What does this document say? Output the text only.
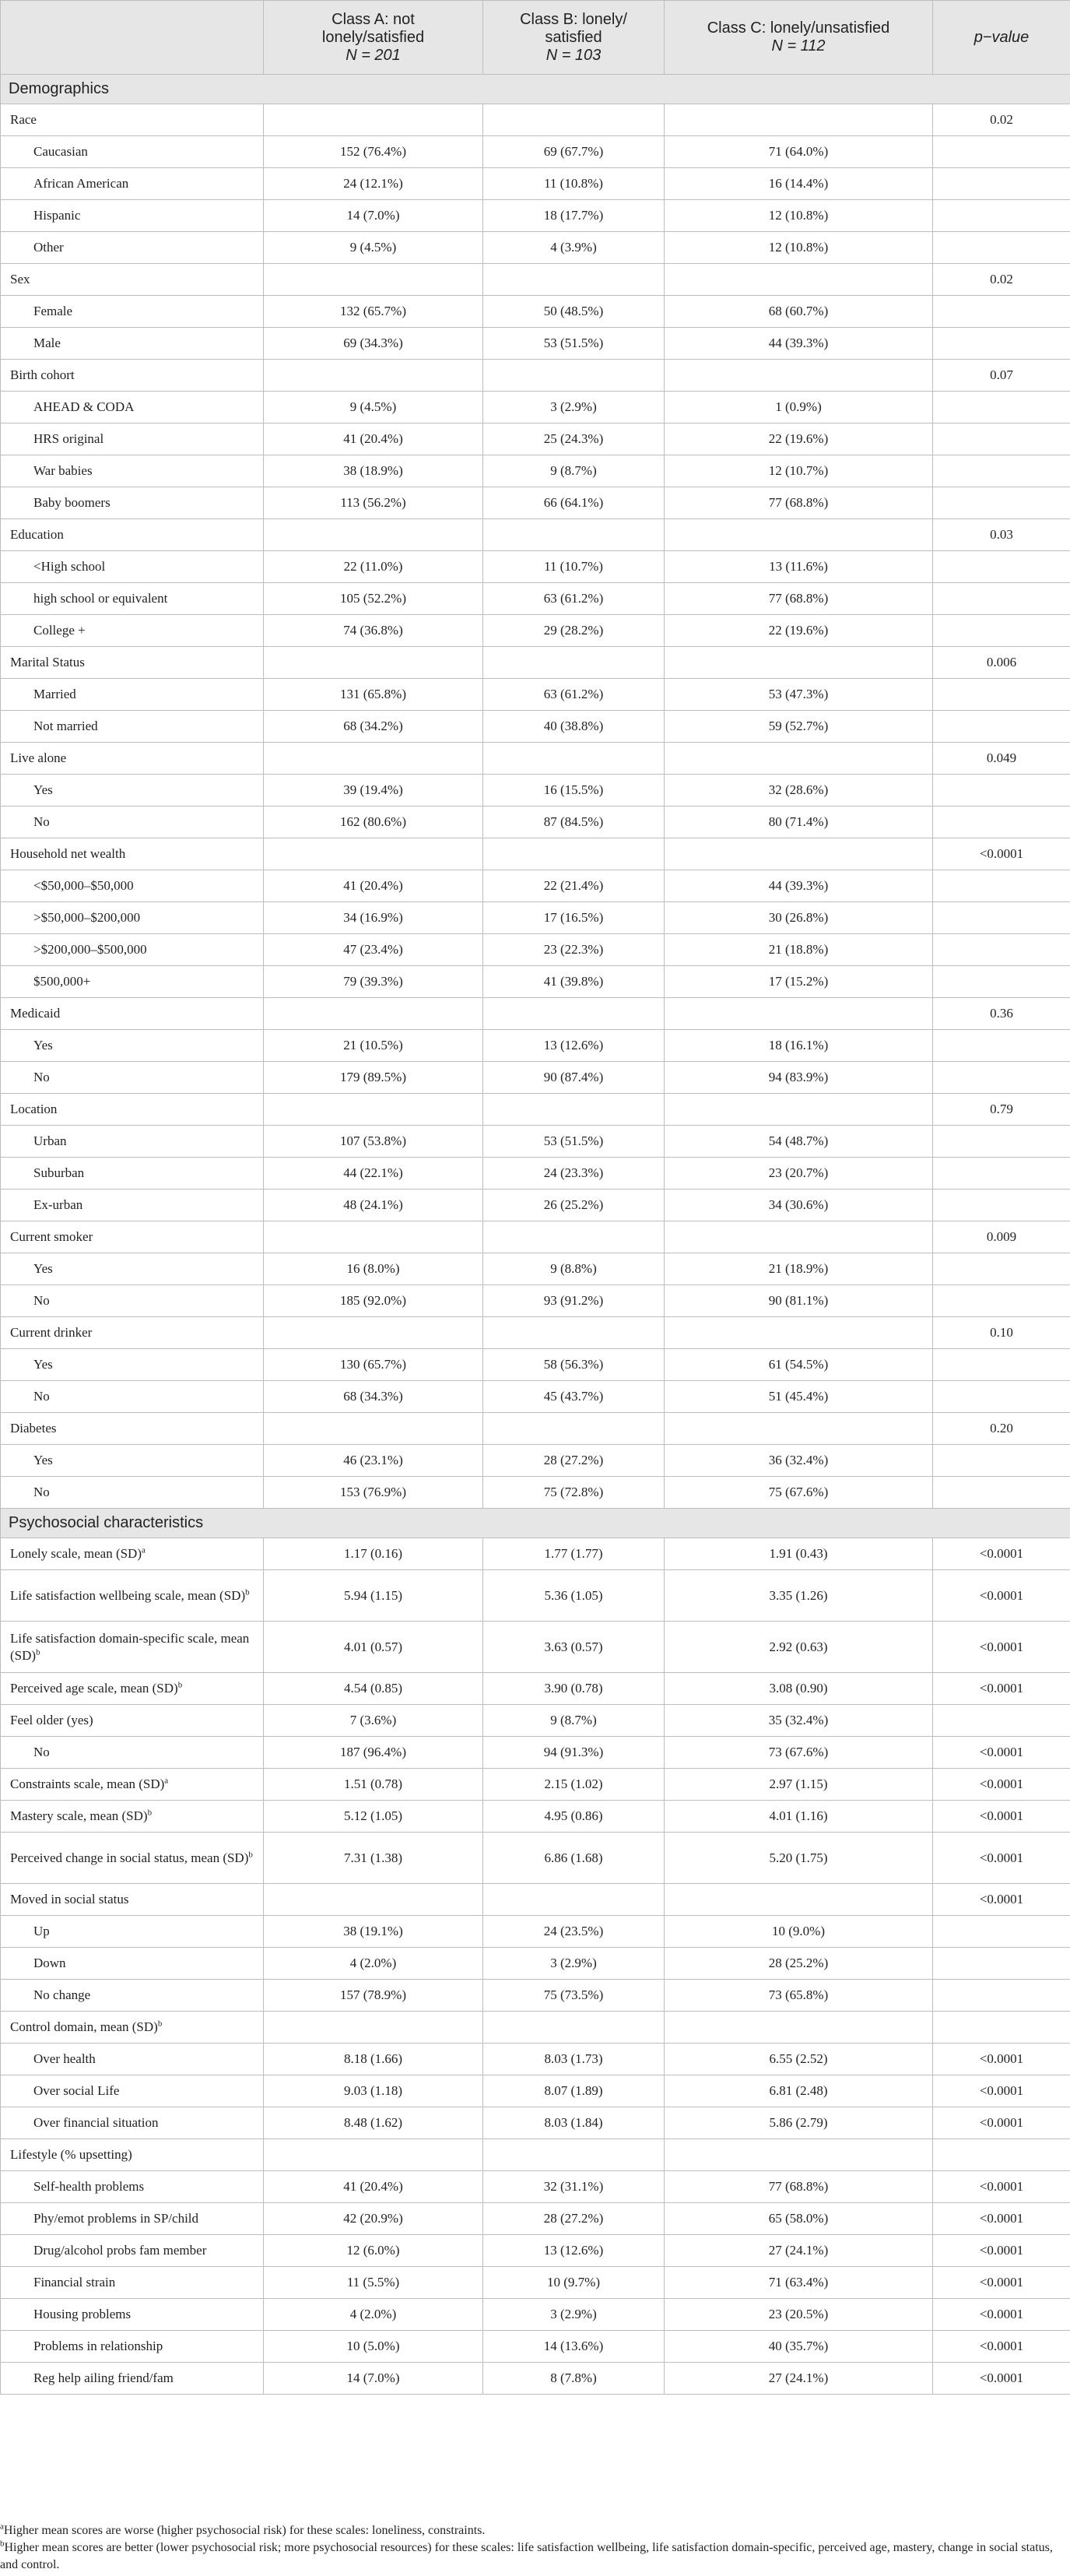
	Class A: not
lonely/satisfied
N = 201	Class B: lonely/
satisfied
N = 103	Class C: lonely/unsatisfied
N = 112	p−value
Demographics				
Race				0.02
Caucasian	152 (76.4%)	69 (67.7%)	71 (64.0%)	
African American	24 (12.1%)	11 (10.8%)	16 (14.4%)	
Hispanic	14 (7.0%)	18 (17.7%)	12 (10.8%)	
Other	9 (4.5%)	4 (3.9%)	12 (10.8%)	
Sex				0.02
Female	132 (65.7%)	50 (48.5%)	68 (60.7%)	
Male	69 (34.3%)	53 (51.5%)	44 (39.3%)	
Birth cohort				0.07
AHEAD & CODA	9 (4.5%)	3 (2.9%)	1 (0.9%)	
HRS original	41 (20.4%)	25 (24.3%)	22 (19.6%)	
War babies	38 (18.9%)	9 (8.7%)	12 (10.7%)	
Baby boomers	113 (56.2%)	66 (64.1%)	77 (68.8%)	
Education				0.03
<High school	22 (11.0%)	11 (10.7%)	13 (11.6%)	
high school or equivalent	105 (52.2%)	63 (61.2%)	77 (68.8%)	
College +	74 (36.8%)	29 (28.2%)	22 (19.6%)	
Marital Status				0.006
Married	131 (65.8%)	63 (61.2%)	53 (47.3%)	
Not married	68 (34.2%)	40 (38.8%)	59 (52.7%)	
Live alone				0.049
Yes	39 (19.4%)	16 (15.5%)	32 (28.6%)	
No	162 (80.6%)	87 (84.5%)	80 (71.4%)	
Household net wealth				<0.0001
<$50,000–$50,000	41 (20.4%)	22 (21.4%)	44 (39.3%)	
>$50,000–$200,000	34 (16.9%)	17 (16.5%)	30 (26.8%)	
>$200,000–$500,000	47 (23.4%)	23 (22.3%)	21 (18.8%)	
$500,000+	79 (39.3%)	41 (39.8%)	17 (15.2%)	
Medicaid				0.36
Yes	21 (10.5%)	13 (12.6%)	18 (16.1%)	
No	179 (89.5%)	90 (87.4%)	94 (83.9%)	
Location				0.79
Urban	107 (53.8%)	53 (51.5%)	54 (48.7%)	
Suburban	44 (22.1%)	24 (23.3%)	23 (20.7%)	
Ex-urban	48 (24.1%)	26 (25.2%)	34 (30.6%)	
Current smoker				0.009
Yes	16 (8.0%)	9 (8.8%)	21 (18.9%)	
No	185 (92.0%)	93 (91.2%)	90 (81.1%)	
Current drinker				0.10
Yes	130 (65.7%)	58 (56.3%)	61 (54.5%)	
No	68 (34.3%)	45 (43.7%)	51 (45.4%)	
Diabetes				0.20
Yes	46 (23.1%)	28 (27.2%)	36 (32.4%)	
No	153 (76.9%)	75 (72.8%)	75 (67.6%)	
Psychosocial characteristics				
Lonely scale, mean (SD)$^a$	1.17 (0.16)	1.77 (1.77)	1.91 (0.43)	<0.0001
Life satisfaction wellbeing scale, mean (SD)$^b$	5.94 (1.15)	5.36 (1.05)	3.35 (1.26)	<0.0001
Life satisfaction domain-specific scale, mean (SD)$^b$	4.01 (0.57)	3.63 (0.57)	2.92 (0.63)	<0.0001
Perceived age scale, mean (SD)$^b$	4.54 (0.85)	3.90 (0.78)	3.08 (0.90)	<0.0001
Feel older (yes)	7 (3.6%)	9 (8.7%)	35 (32.4%)	
No	187 (96.4%)	94 (91.3%)	73 (67.6%)	<0.0001
Constraints scale, mean (SD)$^a$	1.51 (0.78)	2.15 (1.02)	2.97 (1.15)	<0.0001
Mastery scale, mean (SD)$^b$	5.12 (1.05)	4.95 (0.86)	4.01 (1.16)	<0.0001
Perceived change in social status, mean (SD)$^b$	7.31 (1.38)	6.86 (1.68)	5.20 (1.75)	<0.0001
Moved in social status				<0.0001
Up	38 (19.1%)	24 (23.5%)	10 (9.0%)	
Down	4 (2.0%)	3 (2.9%)	28 (25.2%)	
No change	157 (78.9%)	75 (73.5%)	73 (65.8%)	
Control domain, mean (SD)$^b$				
Over health	8.18 (1.66)	8.03 (1.73)	6.55 (2.52)	<0.0001
Over social Life	9.03 (1.18)	8.07 (1.89)	6.81 (2.48)	<0.0001
Over financial situation	8.48 (1.62)	8.03 (1.84)	5.86 (2.79)	<0.0001
Lifestyle (% upsetting)				
Self-health problems	41 (20.4%)	32 (31.1%)	77 (68.8%)	<0.0001
Phy/emot problems in SP/child	42 (20.9%)	28 (27.2%)	65 (58.0%)	<0.0001
Drug/alcohol probs fam member	12 (6.0%)	13 (12.6%)	27 (24.1%)	<0.0001
Financial strain	11 (5.5%)	10 (9.7%)	71 (63.4%)	<0.0001
Housing problems	4 (2.0%)	3 (2.9%)	23 (20.5%)	<0.0001
Problems in relationship	10 (5.0%)	14 (13.6%)	40 (35.7%)	<0.0001
Reg help ailing friend/fam	14 (7.0%)	8 (7.8%)	27 (24.1%)	<0.0001

$^a$Higher mean scores are worse (higher psychosocial risk) for these scales: loneliness, constraints.

$^b$Higher mean scores are better (lower psychosocial risk; more psychosocial resources) for these scales: life satisfaction wellbeing, life satisfaction domain-specific, perceived age, mastery, change in social status, and control.
